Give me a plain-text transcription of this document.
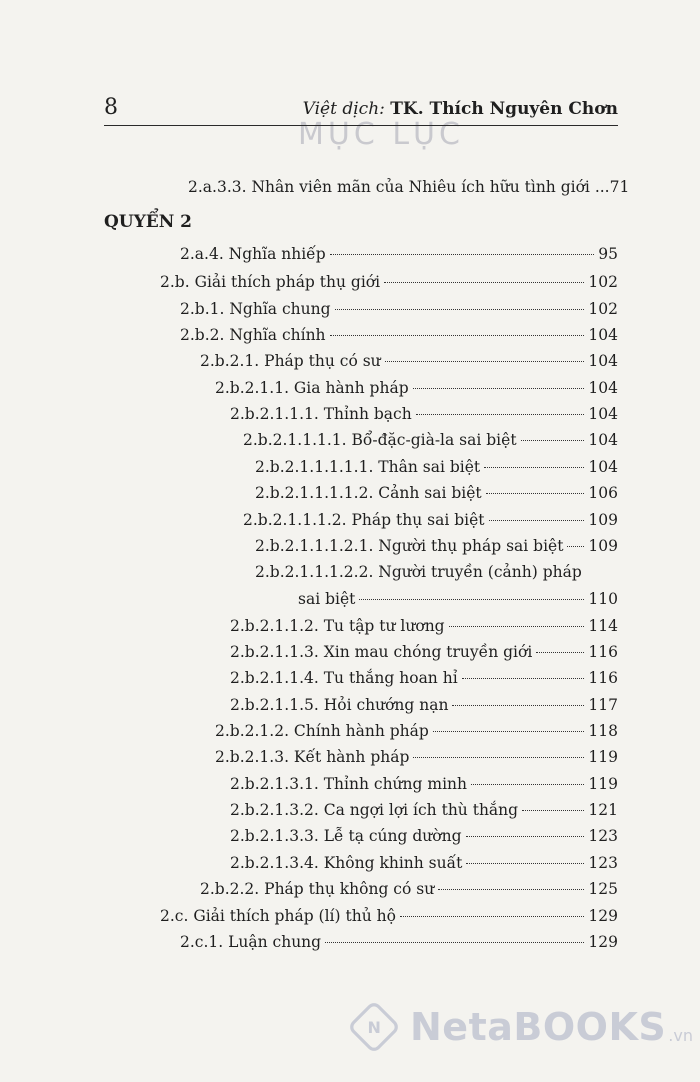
MỤC LỤC
8	Việt dịch: TK. Thích Nguyên Chơn
QUYỂN 2
2.a.3.3. Nhân viên mãn của Nhiêu ích hữu tình giới ... 71
2.a.4. Nghĩa nhiếp	95
2.b. Giải thích pháp thụ giới	102
2.b.1. Nghĩa chung	102
2.b.2. Nghĩa chính	104
2.b.2.1. Pháp thụ có sư	104
2.b.2.1.1. Gia hành pháp	104
2.b.2.1.1.1. Thỉnh bạch	104
2.b.2.1.1.1.1. Bổ-đặc-già-la sai biệt	104
2.b.2.1.1.1.1.1. Thân sai biệt	104
2.b.2.1.1.1.1.2. Cảnh sai biệt	106
2.b.2.1.1.1.2. Pháp thụ sai biệt	109
2.b.2.1.1.1.2.1. Người thụ pháp sai biệt 109
2.b.2.1.1.1.2.2. Người truyền (cảnh) pháp
sai biệt	110
2.b.2.1.1.2. Tu tập tư lương	114
2.b.2.1.1.3. Xin mau chóng truyền giới	116
2.b.2.1.1.4. Tu thắng hoan hỉ	116
2.b.2.1.1.5. Hỏi chướng nạn	117
2.b.2.1.2. Chính hành pháp	118
2.b.2.1.3. Kết hành pháp	119
2.b.2.1.3.1. Thỉnh chứng minh	119
2.b.2.1.3.2. Ca ngợi lợi ích thù thắng	121
2.b.2.1.3.3. Lễ tạ cúng dường	123
2.b.2.1.3.4. Không khinh suất	123
2.b.2.2. Pháp thụ không có sư	125
2.c. Giải thích pháp (lí) thủ hộ	129
2.c.1. Luận chung	129
N NetaBOOKS .vn
